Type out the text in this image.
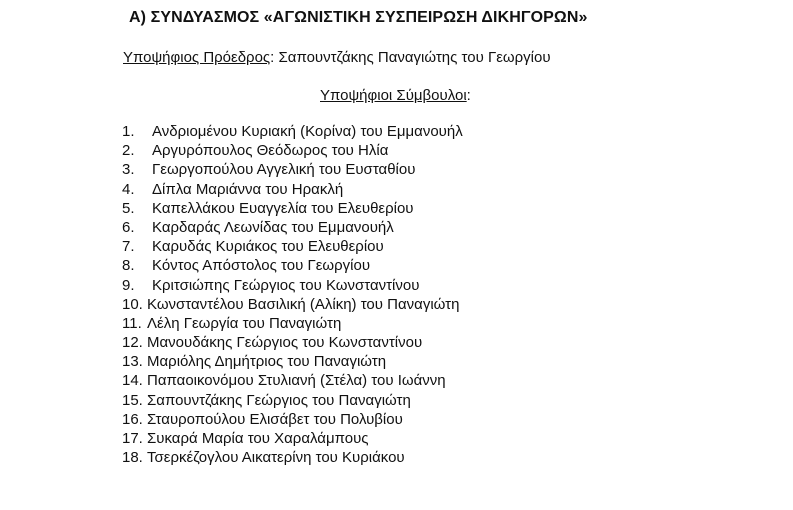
Α) ΣΥΝΔΥΑΣΜΟΣ «ΑΓΩΝΙΣΤΙΚΗ ΣΥΣΠΕΙΡΩΣΗ ΔΙΚΗΓΟΡΩΝ»
Υποψήφιος Πρόεδρος: Σαπουντζάκης Παναγιώτης του Γεωργίου
Υποψήφιοι Σύμβουλοι:
1.	Ανδριομένου Κυριακή (Κορίνα) του Εμμανουήλ
2.	Αργυρόπουλος Θεόδωρος του Ηλία
3.	Γεωργοπούλου Αγγελική του Ευσταθίου
4.	Δίπλα Μαριάννα του Ηρακλή
5.	Καπελλάκου Ευαγγελία του Ελευθερίου
6.	Καρδαράς Λεωνίδας του Εμμανουήλ
7.	Καρυδάς Κυριάκος του Ελευθερίου
8.	Κόντος Απόστολος του Γεωργίου
9.	Κριτσιώπης Γεώργιος του Κωνσταντίνου
10. Κωνσταντέλου Βασιλική (Αλίκη) του Παναγιώτη
11. Λέλη Γεωργία του Παναγιώτη
12. Μανουδάκης Γεώργιος του Κωνσταντίνου
13. Μαριόλης Δημήτριος του Παναγιώτη
14. Παπαοικονόμου Στυλιανή (Στέλα) του Ιωάννη
15. Σαπουντζάκης Γεώργιος του Παναγιώτη
16. Σταυροπούλου Ελισάβετ του Πολυβίου
17. Συκαρά Μαρία του Χαραλάμπους
18. Τσερκέζογλου Αικατερίνη του Κυριάκου
